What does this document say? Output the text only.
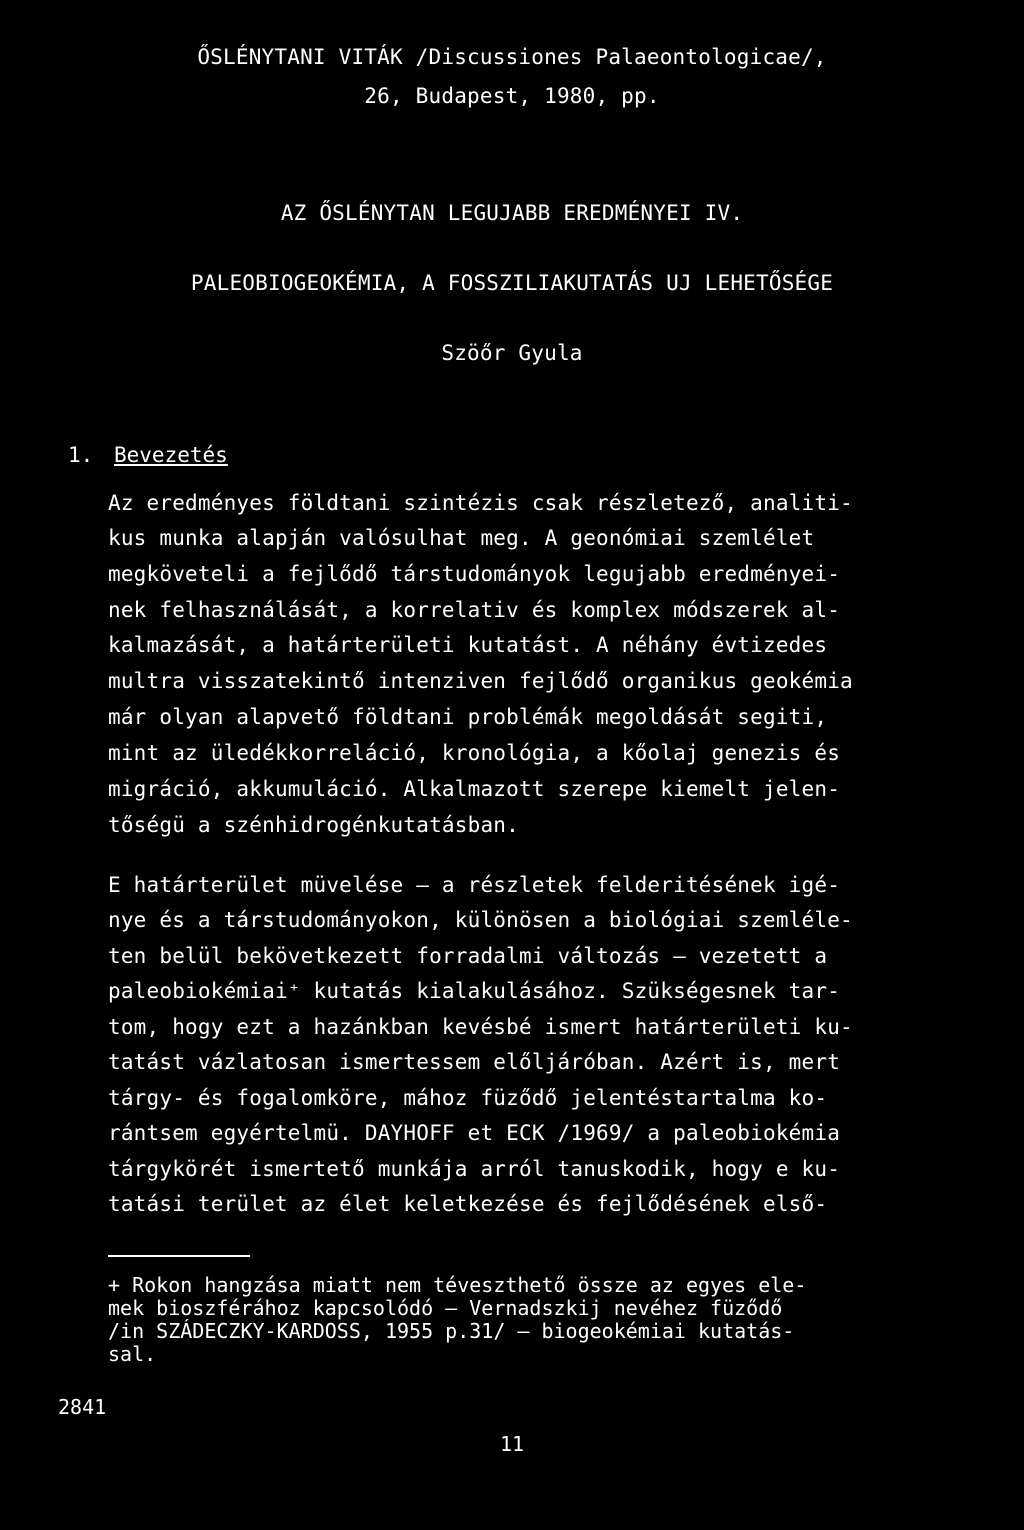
ŐSLÉNYTANI VITÁK /Discussiones Palaeontologicae/,
26, Budapest, 1980, pp.
AZ ŐSLÉNYTAN LEGUJABB EREDMÉNYEI IV.
PALEOBIOGEOKÉMIA, A FOSSZILIAKUTATÁS UJ LEHETŐSÉGE
Szöőr Gyula
1. Bevezetés
Az eredményes földtani szintézis csak részletező, analiti-
kus munka alapján valósulhat meg. A geonómiai szemlélet
megköveteli a fejlődő társtudományok legujabb eredményei-
nek felhasználását, a korrelativ és komplex módszerek al-
kalmazását, a határterületi kutatást. A néhány évtizedes
multra visszatekintő intenziven fejlődő organikus geokémia
már olyan alapvető földtani problémák megoldását segiti,
mint az üledékkorreláció, kronológia, a kőolaj genezis és
migráció, akkumuláció. Alkalmazott szerepe kiemelt jelen-
tőségü a szénhidrogénkutatásban.
E határterület müvelése — a részletek felderitésének igé-
nye és a társtudományokon, különösen a biológiai szemléle-
ten belül bekövetkezett forradalmi változás — vezetett a
paleobiokémiai⁺ kutatás kialakulásához. Szükségesnek tar-
tom, hogy ezt a hazánkban kevésbé ismert határterületi ku-
tatást vázlatosan ismertessem előljáróban. Azért is, mert
tárgy- és fogalomköre, mához füződő jelentéstartalma ko-
rántsem egyértelmü. DAYHOFF et ECK /1969/ a paleobiokémia
tárgykörét ismertető munkája arról tanuskodik, hogy e ku-
tatási terület az élet keletkezése és fejlődésének első-
+ Rokon hangzása miatt nem téveszthető össze az egyes ele-
mek bioszférához kapcsolódó — Vernadszkij nevéhez füződő
/in SZÁDECZKY-KARDOSS, 1955 p.31/ — biogeokémiai kutatás-
sal.
2841
11
